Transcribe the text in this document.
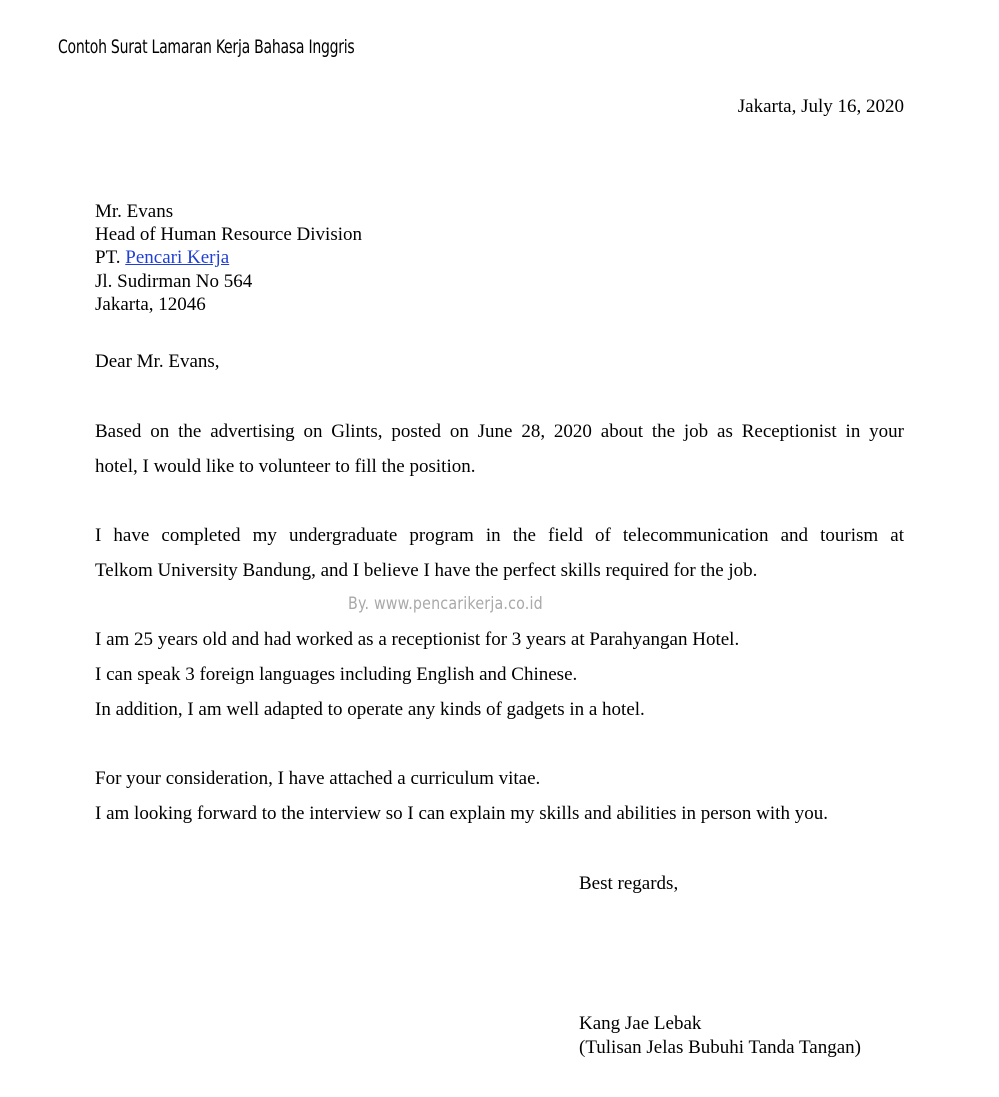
Contoh Surat Lamaran Kerja Bahasa Inggris
Jakarta, July 16, 2020
Mr. Evans
Head of Human Resource Division
PT. Pencari Kerja
Jl. Sudirman No 564
Jakarta, 12046
Dear Mr. Evans,
Based on the advertising on Glints, posted on June 28, 2020 about the job as Receptionist in your
hotel, I would like to volunteer to fill the position.
I have completed my undergraduate program in the field of telecommunication and tourism at
Telkom University Bandung, and I believe I have the perfect skills required for the job.
By. www.pencarikerja.co.id
I am 25 years old and had worked as a receptionist for 3 years at Parahyangan Hotel.
I can speak 3 foreign languages including English and Chinese.
In addition, I am well adapted to operate any kinds of gadgets in a hotel.
For your consideration, I have attached a curriculum vitae.
I am looking forward to the interview so I can explain my skills and abilities in person with you.
Best regards,
Kang Jae Lebak
(Tulisan Jelas Bubuhi Tanda Tangan)
